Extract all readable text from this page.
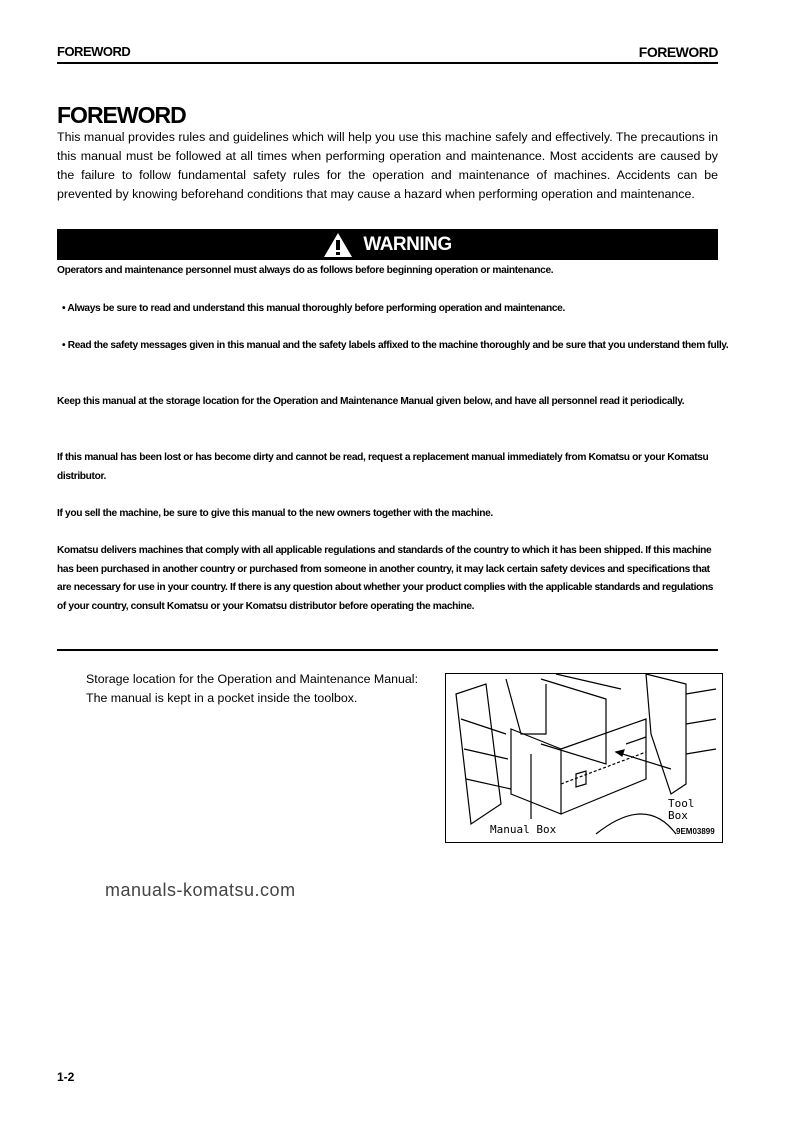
FOREWORD	FOREWORD
FOREWORD
This manual provides rules and guidelines which will help you use this machine safely and effectively. The precautions in this manual must be followed at all times when performing operation and maintenance. Most accidents are caused by the failure to follow fundamental safety rules for the operation and maintenance of machines. Accidents can be prevented by knowing beforehand conditions that may cause a hazard when performing operation and maintenance.
WARNING
Operators and maintenance personnel must always do as follows before beginning operation or maintenance.
• Always be sure to read and understand this manual thoroughly before performing operation and maintenance.
• Read the safety messages given in this manual and the safety labels affixed to the machine thoroughly and be sure that you understand them fully.
Keep this manual at the storage location for the Operation and Maintenance Manual given below, and have all personnel read it periodically.
If this manual has been lost or has become dirty and cannot be read, request a replacement manual immediately from Komatsu or your Komatsu distributor.
If you sell the machine, be sure to give this manual to the new owners together with the machine.
Komatsu delivers machines that comply with all applicable regulations and standards of the country to which it has been shipped. If this machine has been purchased in another country or purchased from someone in another country, it may lack certain safety devices and specifications that are necessary for use in your country. If there is any question about whether your product complies with the applicable standards and regulations of your country, consult Komatsu or your Komatsu distributor before operating the machine.
Storage location for the Operation and Maintenance Manual:
The manual is kept in a pocket inside the toolbox.
Tool
Box
Manual Box	9EM03899
manuals-komatsu.com
1-2
